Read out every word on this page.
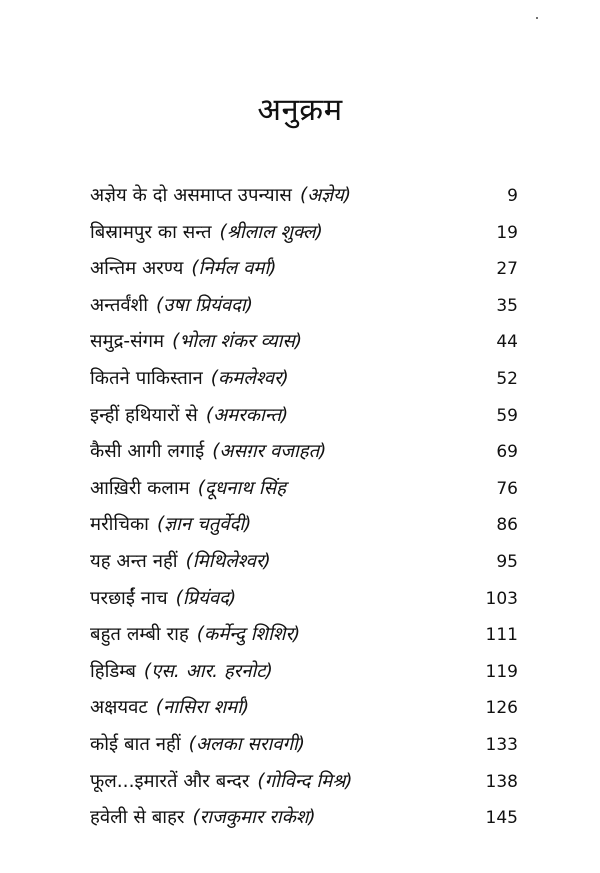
अनुक्रम
अज्ञेय के दो असमाप्त उपन्यास (अज्ञेय)	9
बिस्रामपुर का सन्त (श्रीलाल शुक्ल)	19
अन्तिम अरण्य (निर्मल वर्मा)	27
अन्तर्वंशी (उषा प्रियंवदा)	35
समुद्र-संगम (भोला शंकर व्यास)	44
कितने पाकिस्तान (कमलेश्वर)	52
इन्हीं हथियारों से (अमरकान्त)	59
कैसी आगी लगाई (असग़र वजाहत)	69
आख़िरी कलाम (दूधनाथ सिंह	76
मरीचिका (ज्ञान चतुर्वेदी)	86
यह अन्त नहीं (मिथिलेश्वर)	95
परछाईं नाच (प्रियंवद)	103
बहुत लम्बी राह (कर्मेन्दु शिशिर)	111
हिडिम्ब (एस. आर. हरनोट)	119
अक्षयवट (नासिरा शर्मा)	126
कोई बात नहीं (अलका सरावगी)	133
फूल...इमारतें और बन्दर (गोविन्द मिश्र)	138
हवेली से बाहर (राजकुमार राकेश)	145
